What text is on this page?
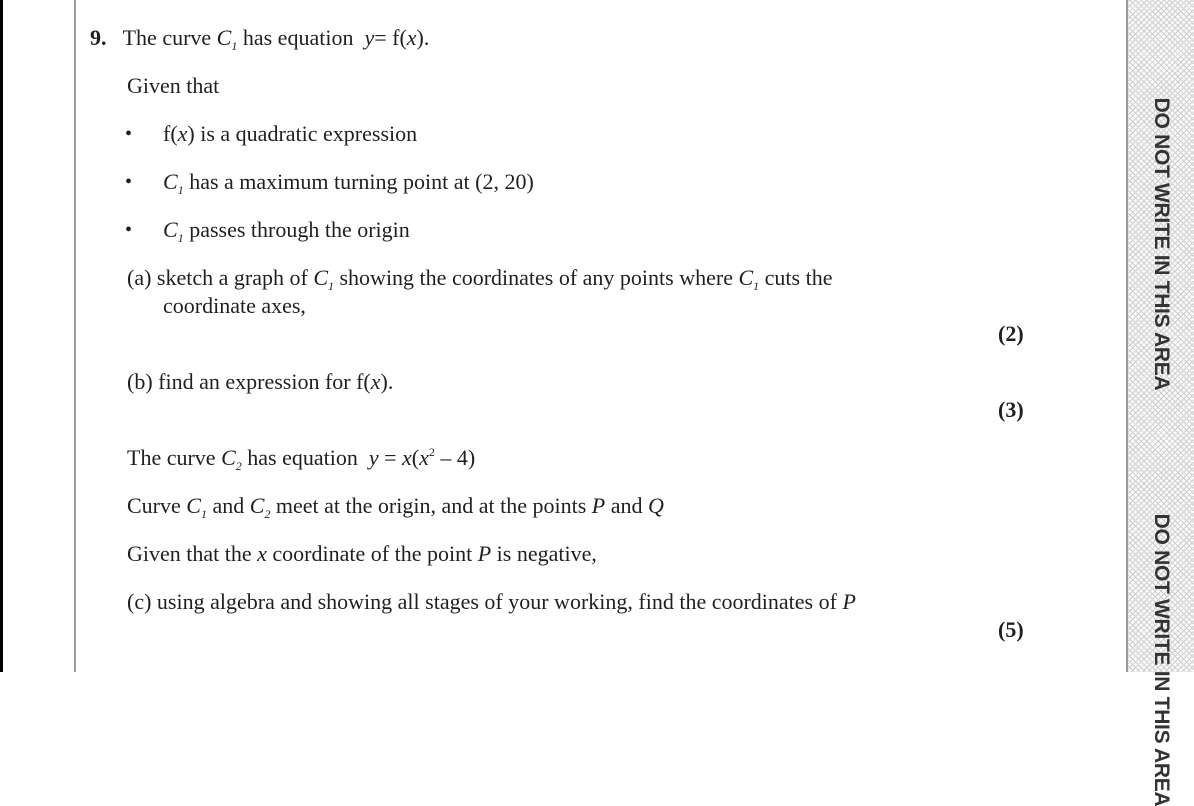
DO NOT WRITE IN THIS AREA
DO NOT WRITE IN THIS AREA
9. The curve $C_1$ has equation y= f(x).
Given that
• f(x) is a quadratic expression
• $C_1$ has a maximum turning point at (2, 20)
• $C_1$ passes through the origin
(a) sketch a graph of $C_1$ showing the coordinates of any points where $C_1$ cuts the
coordinate axes,
(2)
(b) find an expression for f(x).
(3)
The curve $C_2$ has equation $y = x(x^2 - 4)$
Curve $C_1$ and $C_2$ meet at the origin, and at the points P and Q
Given that the x coordinate of the point P is negative,
(c) using algebra and showing all stages of your working, find the coordinates of P
(5)
